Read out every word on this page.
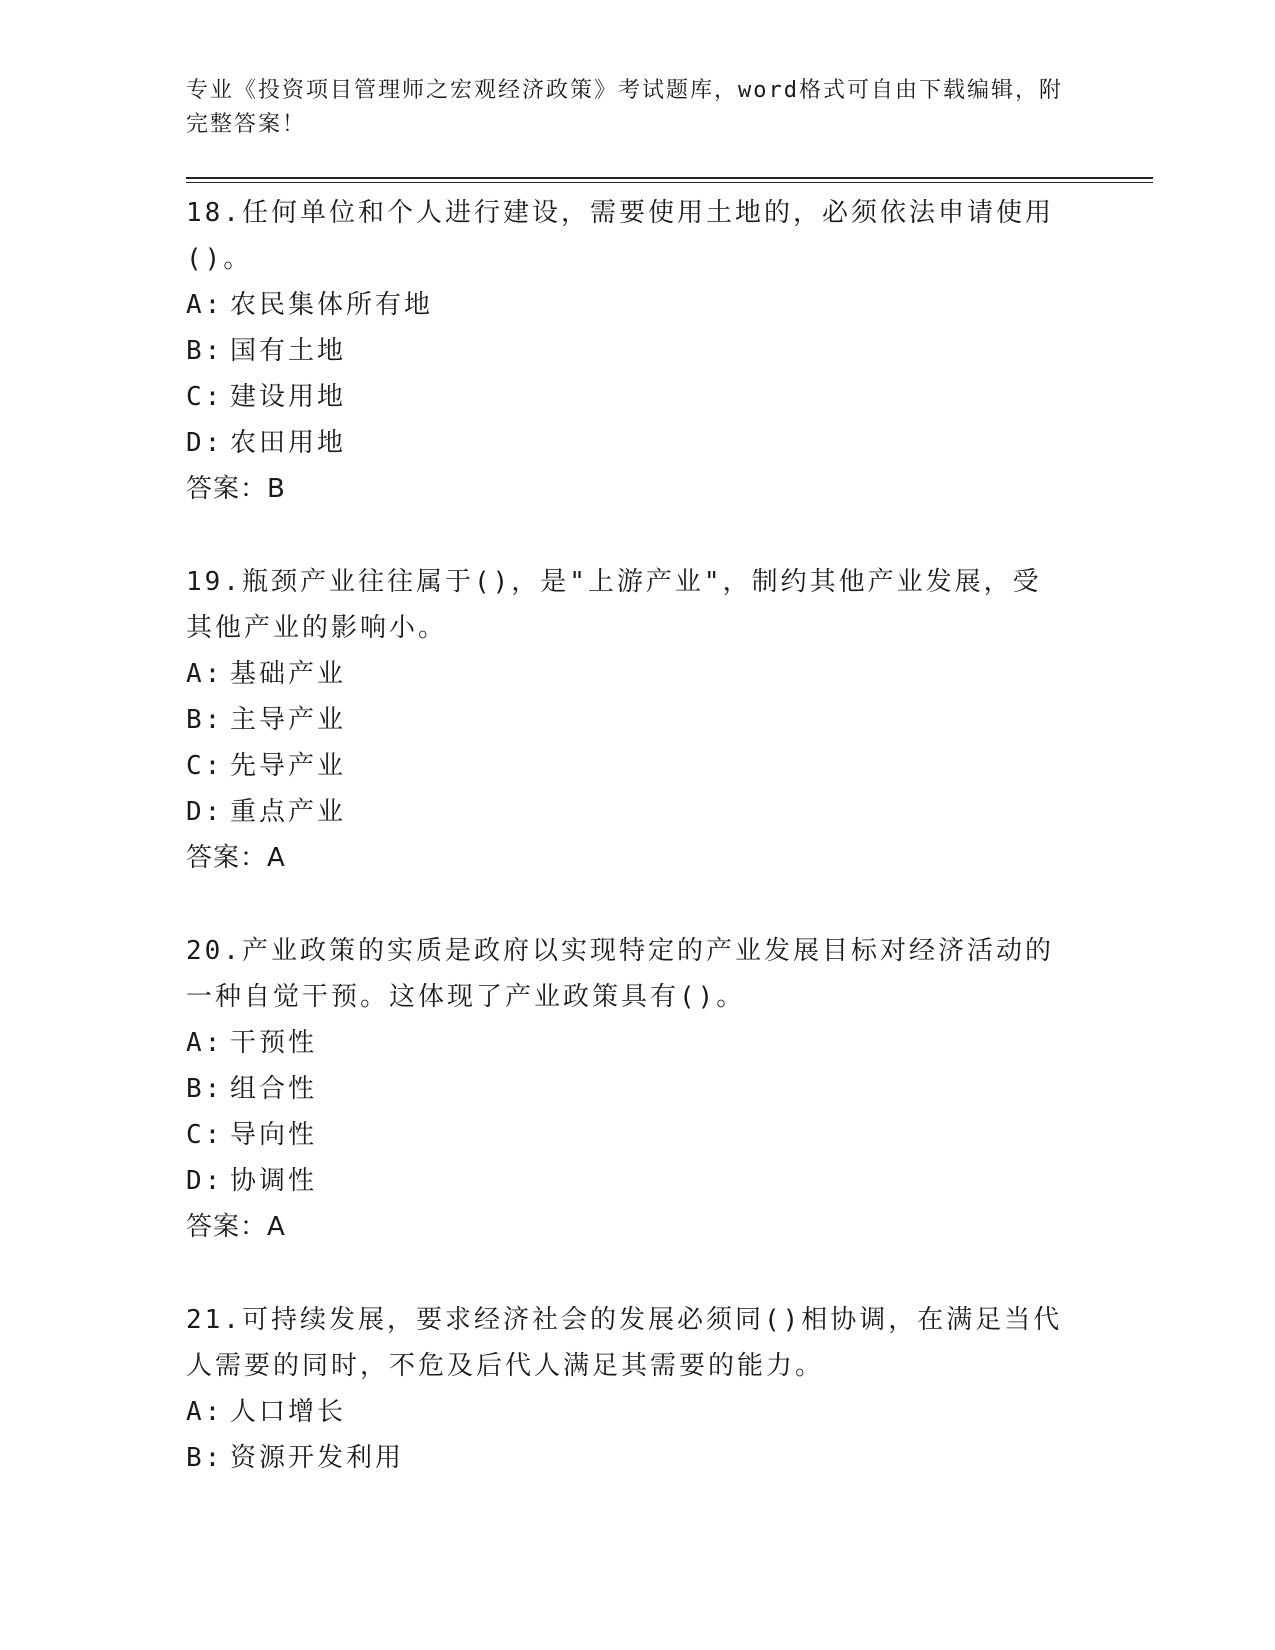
专业《投资项目管理师之宏观经济政策》考试题库，word格式可自由下载编辑，附完整答案！
18.任何单位和个人进行建设，需要使用土地的，必须依法申请使用()。
A: 农民集体所有地
B: 国有土地
C: 建设用地
D: 农田用地
答案：B
19.瓶颈产业往往属于()，是"上游产业"，制约其他产业发展，受其他产业的影响小。
A: 基础产业
B: 主导产业
C: 先导产业
D: 重点产业
答案：A
20.产业政策的实质是政府以实现特定的产业发展目标对经济活动的一种自觉干预。这体现了产业政策具有()。
A: 干预性
B: 组合性
C: 导向性
D: 协调性
答案：A
21.可持续发展，要求经济社会的发展必须同()相协调，在满足当代人需要的同时，不危及后代人满足其需要的能力。
A: 人口增长
B: 资源开发利用
